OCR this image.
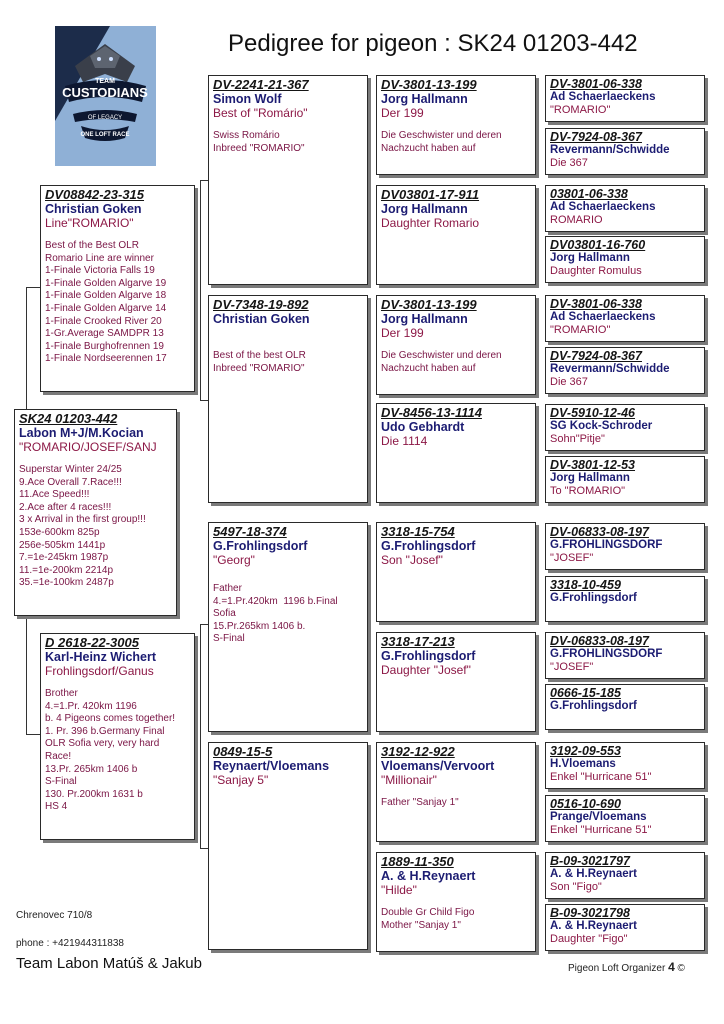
Pedigree for pigeon : SK24 01203-442
TEAM
CUSTODIANS
OF LEGACY
ONE LOFT RACE
SK24 01203-442
Labon M+J/M.Kocian
"ROMARIO/JOSEF/SANJ
Superstar Winter 24/25
9.Ace Overall 7.Race!!!
11.Ace Speed!!!
2.Ace after 4 races!!!
3 x Arrival in the first group!!!
153e-600km 825p
256e-505km 1441p
7.=1e-245km 1987p
11.=1e-200km 2214p
35.=1e-100km 2487p
DV08842-23-315
Christian Goken
Line"ROMARIO"
Best of the Best OLR
Romario Line are winner
1-Finale Victoria Falls 19
1-Finale Golden Algarve 19
1-Finale Golden Algarve 18
1-Finale Golden Algarve 14
1-Finale Crooked River 20
1-Gr.Average SAMDPR 13
1-Finale Burghofrennen 19
1-Finale Nordseerennen 17
D 2618-22-3005
Karl-Heinz Wichert
Frohlingsdorf/Ganus
Brother
4.=1.Pr. 420km 1196
b. 4 Pigeons comes together!
1. Pr. 396 b.Germany Final
OLR Sofia very, very hard
Race!
13.Pr. 265km 1406 b
S-Final
130. Pr.200km 1631 b
HS 4
DV-2241-21-367
Simon Wolf
Best of "Romário"
Swiss Romário
Inbreed "ROMARIO"
DV-7348-19-892
Christian Goken
Best of the best OLR
Inbreed "ROMARIO"
5497-18-374
G.Frohlingsdorf
"Georg"
Father
4.=1.Pr.420km  1196 b.Final
Sofia
15.Pr.265km 1406 b.
S-Final
0849-15-5
Reynaert/Vloemans
"Sanjay 5"
DV-3801-13-199
Jorg Hallmann
Der 199
Die Geschwister und deren
Nachzucht haben auf
DV03801-17-911
Jorg Hallmann
Daughter Romario
DV-3801-13-199
Jorg Hallmann
Der 199
Die Geschwister und deren
Nachzucht haben auf
DV-8456-13-1114
Udo Gebhardt
Die 1114
3318-15-754
G.Frohlingsdorf
Son "Josef"
3318-17-213
G.Frohlingsdorf
Daughter "Josef"
3192-12-922
Vloemans/Vervoort
"Millionair"
Father "Sanjay 1"
1889-11-350
A. & H.Reynaert
"Hilde"
Double Gr Child Figo
Mother "Sanjay 1"
DV-3801-06-338
Ad Schaerlaeckens
"ROMARIO"
DV-7924-08-367
Revermann/Schwidde
Die 367
03801-06-338
Ad Schaerlaeckens
ROMARIO
DV03801-16-760
Jorg Hallmann
Daughter Romulus
DV-3801-06-338
Ad Schaerlaeckens
"ROMARIO"
DV-7924-08-367
Revermann/Schwidde
Die 367
DV-5910-12-46
SG Kock-Schroder
Sohn"Pitje"
DV-3801-12-53
Jorg Hallmann
To "ROMARIO"
DV-06833-08-197
G.FROHLINGSDORF
"JOSEF"
3318-10-459
G.Frohlingsdorf
DV-06833-08-197
G.FROHLINGSDORF
"JOSEF"
0666-15-185
G.Frohlingsdorf
3192-09-553
H.Vloemans
Enkel "Hurricane 51"
0516-10-690
Prange/Vloemans
Enkel "Hurricane 51"
B-09-3021797
A. & H.Reynaert
Son "Figo"
B-09-3021798
A. & H.Reynaert
Daughter "Figo"
Chrenovec 710/8
phone : +421944311838
Team Labon Matúš & Jakub	Pigeon Loft Organizer 4 ©
